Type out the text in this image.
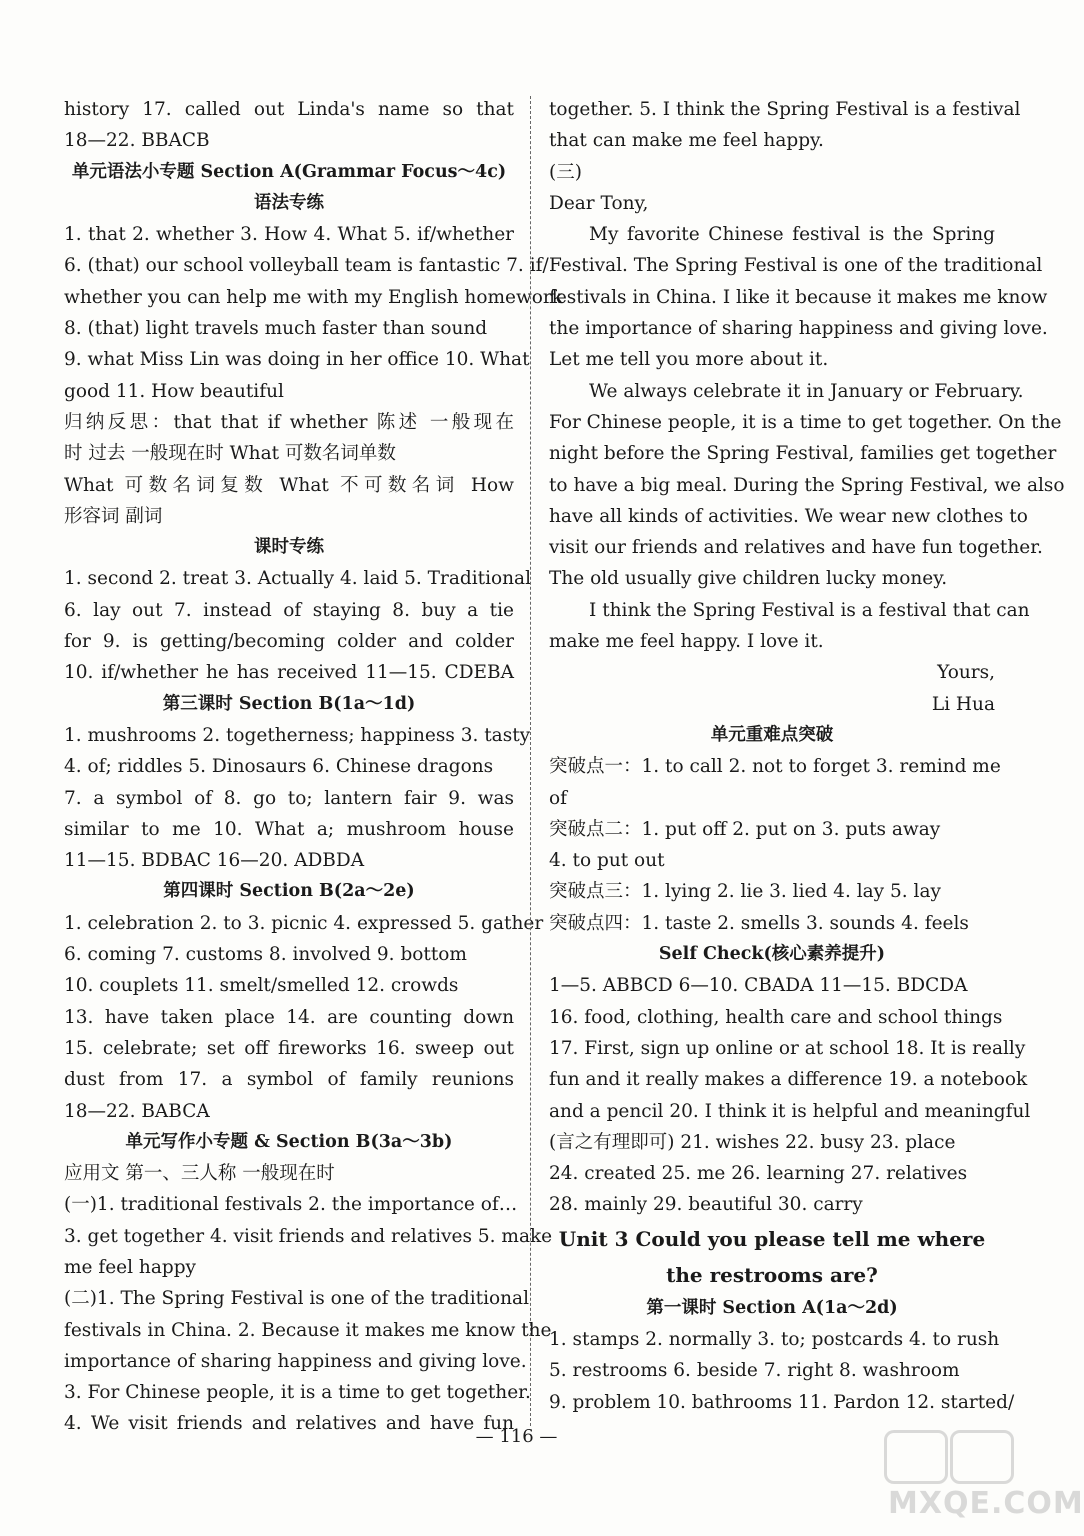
history 17. called out Linda's name so that
18—22. BBACB
单元语法小专题 Section A(Grammar Focus～4c)
语法专练
1. that 2. whether 3. How 4. What 5. if/whether
6. (that) our school volleyball team is fantastic 7. if/
whether you can help me with my English homework
8. (that) light travels much faster than sound
9. what Miss Lin was doing in her office 10. What
good 11. How beautiful
归纳反思：that that if whether 陈述 一般现在
时 过去 一般现在时 What 可数名词单数
What 可数名词复数 What 不可数名词 How
形容词 副词
课时专练
1. second 2. treat 3. Actually 4. laid 5. Traditional
6. lay out 7. instead of staying 8. buy a tie
for 9. is getting/becoming colder and colder
10. if/whether he has received 11—15. CDEBA
第三课时 Section B(1a～1d)
1. mushrooms 2. togetherness; happiness 3. tasty
4. of; riddles 5. Dinosaurs 6. Chinese dragons
7. a symbol of 8. go to; lantern fair 9. was
similar to me 10. What a; mushroom house
11—15. BDBAC 16—20. ADBDA
第四课时 Section B(2a～2e)
1. celebration 2. to 3. picnic 4. expressed 5. gather
6. coming 7. customs 8. involved 9. bottom
10. couplets 11. smelt/smelled 12. crowds
13. have taken place 14. are counting down
15. celebrate; set off fireworks 16. sweep out
dust from 17. a symbol of family reunions
18—22. BABCA
单元写作小专题 & Section B(3a～3b)
应用文 第一、三人称 一般现在时
(一)1. traditional festivals 2. the importance of…
3. get together 4. visit friends and relatives 5. make
me feel happy
(二)1. The Spring Festival is one of the traditional
festivals in China. 2. Because it makes me know the
importance of sharing happiness and giving love.
3. For Chinese people, it is a time to get together.
4. We visit friends and relatives and have fun
together. 5. I think the Spring Festival is a festival
that can make me feel happy.
(三)
Dear Tony,
My favorite Chinese festival is the Spring
Festival. The Spring Festival is one of the traditional
festivals in China. I like it because it makes me know
the importance of sharing happiness and giving love.
Let me tell you more about it.
We always celebrate it in January or February.
For Chinese people, it is a time to get together. On the
night before the Spring Festival, families get together
to have a big meal. During the Spring Festival, we also
have all kinds of activities. We wear new clothes to
visit our friends and relatives and have fun together.
The old usually give children lucky money.
I think the Spring Festival is a festival that can
make me feel happy. I love it.
Yours,
Li Hua
单元重难点突破
突破点一：1. to call 2. not to forget 3. remind me
of
突破点二：1. put off 2. put on 3. puts away
4. to put out
突破点三：1. lying 2. lie 3. lied 4. lay 5. lay
突破点四：1. taste 2. smells 3. sounds 4. feels
Self Check(核心素养提升)
1—5. ABBCD 6—10. CBADA 11—15. BDCDA
16. food, clothing, health care and school things
17. First, sign up online or at school 18. It is really
fun and it really makes a difference 19. a notebook
and a pencil 20. I think it is helpful and meaningful
(言之有理即可) 21. wishes 22. busy 23. place
24. created 25. me 26. learning 27. relatives
28. mainly 29. beautiful 30. carry
Unit 3 Could you please tell me where
the restrooms are?
第一课时 Section A(1a～2d)
1. stamps 2. normally 3. to; postcards 4. to rush
5. restrooms 6. beside 7. right 8. washroom
9. problem 10. bathrooms 11. Pardon 12. started/
— 116 —
MXQE.COM
